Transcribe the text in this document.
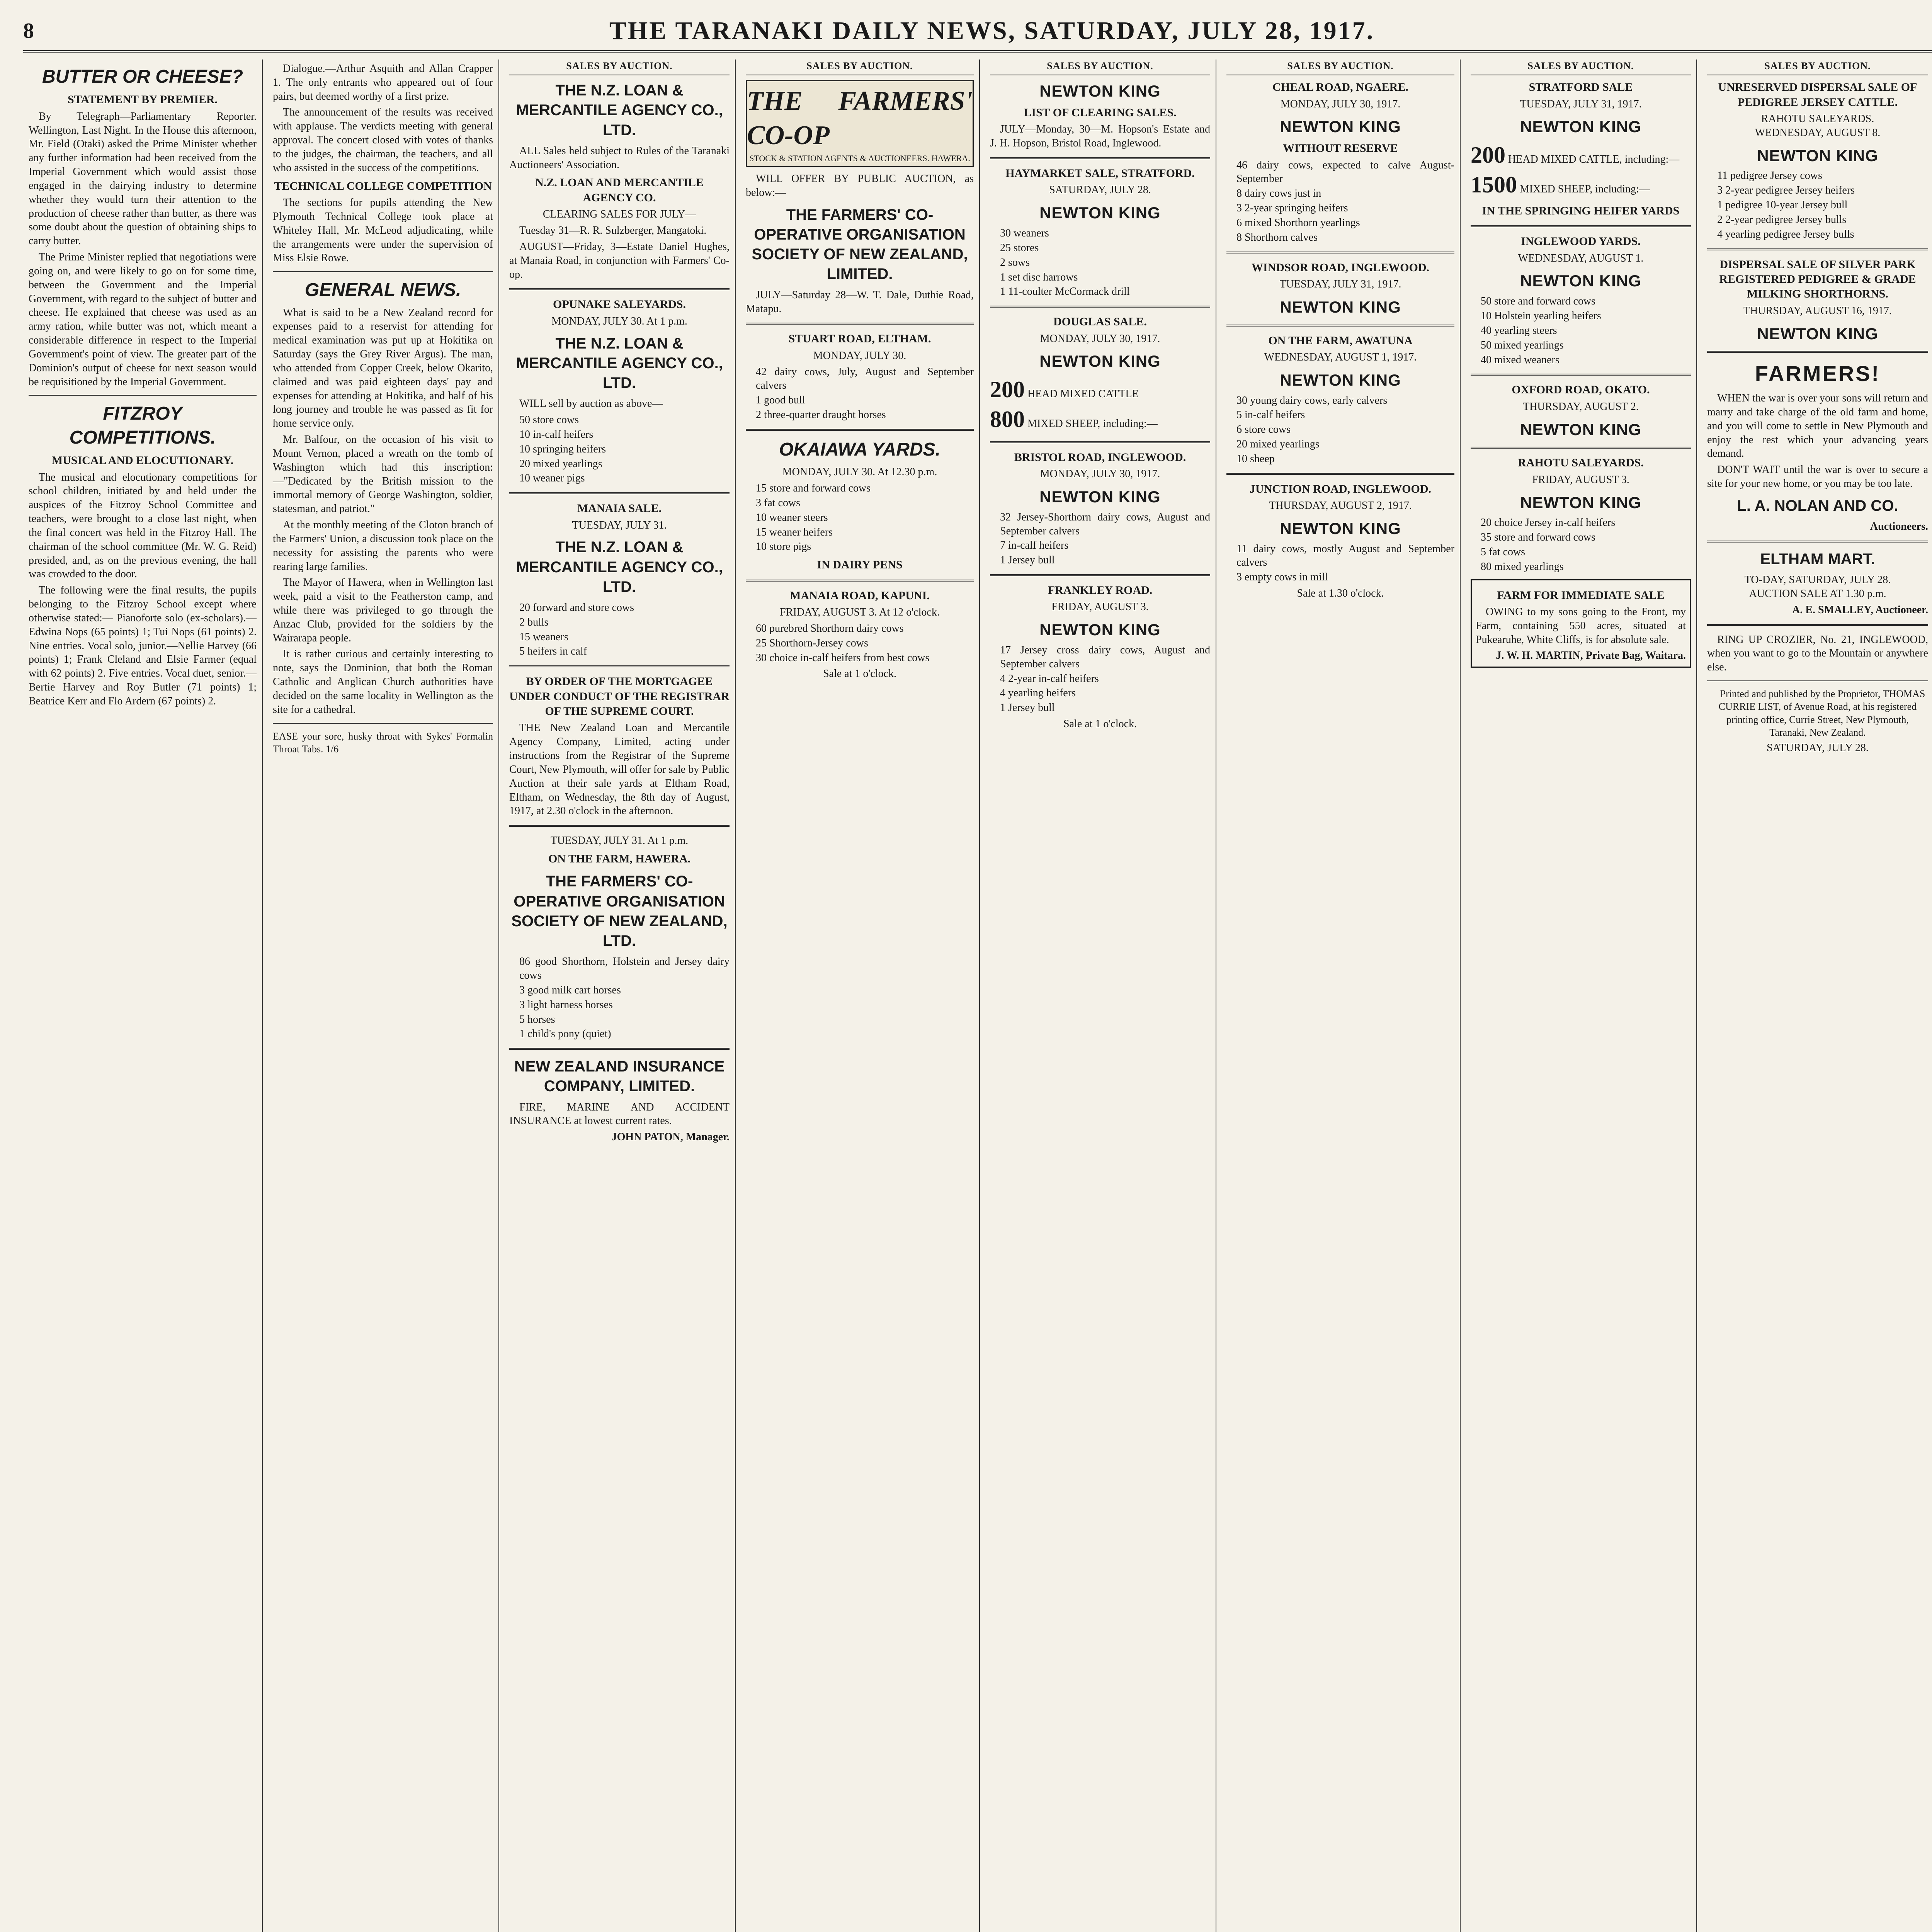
8	THE TARANAKI DAILY NEWS, SATURDAY, JULY 28, 1917.
BUTTER OR CHEESE?
STATEMENT BY PREMIER.

By Telegraph—Parliamentary Reporter. Wellington, Last Night. In the House this afternoon, Mr. Field (Otaki) asked the Prime Minister whether any further information had been received from the Imperial Government which would assist those engaged in the dairying industry to determine whether they would turn their attention to the production of cheese rather than butter, as there was some doubt about the question of obtaining ships to carry butter.

The Prime Minister replied that negotiations were going on, and were likely to go on for some time, between the Government and the Imperial Government, with regard to the subject of butter and cheese. He explained that cheese was used as an army ration, while butter was not, which meant a considerable difference in respect to the Imperial Government's point of view. The greater part of the Dominion's output of cheese for next season would be requisitioned by the Imperial Government.

FITZROY COMPETITIONS.
MUSICAL AND ELOCUTIONARY.

The musical and elocutionary competitions for school children, initiated by and held under the auspices of the Fitzroy School Committee and teachers, were brought to a close last night, when the final concert was held in the Fitzroy Hall. The chairman of the school committee (Mr. W. G. Reid) presided, and, as on the previous evening, the hall was crowded to the door.

The following were the final results, the pupils belonging to the Fitzroy School except where otherwise stated:— Pianoforte solo (ex-scholars).—Edwina Nops (65 points) 1; Tui Nops (61 points) 2. Nine entries. Vocal solo, junior.—Nellie Harvey (66 points) 1; Frank Cleland and Elsie Farmer (equal with 62 points) 2. Five entries. Vocal duet, senior.—Bertie Harvey and Roy Butler (71 points) 1; Beatrice Kerr and Flo Ardern (67 points) 2.

Dialogue.—Arthur Asquith and Allan Crapper 1. The only entrants who appeared out of four pairs, but deemed worthy of a first prize.

The announcement of the results was received with applause. The verdicts meeting with general approval. The concert closed with votes of thanks to the judges, the chairman, the teachers, and all who assisted in the success of the competitions.

TECHNICAL COLLEGE COMPETITION

The sections for pupils attending the New Plymouth Technical College took place at Whiteley Hall, Mr. McLeod adjudicating, while the arrangements were under the supervision of Miss Elsie Rowe.

GENERAL NEWS.

What is said to be a New Zealand record for expenses paid to a reservist for attending for medical examination was put up at Hokitika on Saturday (says the Grey River Argus). The man, who attended from Copper Creek, below Okarito, claimed and was paid eighteen days' pay and expenses for attending at Hokitika, and half of his long journey and trouble he was passed as fit for home service only.

Mr. Balfour, on the occasion of his visit to Mount Vernon, placed a wreath on the tomb of Washington which had this inscription:—"Dedicated by the British mission to the immortal memory of George Washington, soldier, statesman, and patriot."

At the monthly meeting of the Cloton branch of the Farmers' Union, a discussion took place on the necessity for assisting the parents who were rearing large families.

The Mayor of Hawera, when in Wellington last week, paid a visit to the Featherston camp, and while there was privileged to go through the Anzac Club, provided for the soldiers by the Wairarapa people.

It is rather curious and certainly interesting to note, says the Dominion, that both the Roman Catholic and Anglican Church authorities have decided on the same locality in Wellington as the site for a cathedral.

EASE your sore, husky throat with Sykes' Formalin Throat Tabs. 1/6
SALES BY AUCTION.
THE N.Z. LOAN & MERCANTILE AGENCY CO., LTD.

ALL Sales held subject to Rules of the Taranaki Auctioneers' Association.

N.Z. LOAN AND MERCANTILE AGENCY CO.
CLEARING SALES FOR JULY—

Tuesday 31—R. R. Sulzberger, Mangatoki.

AUGUST—Friday, 3—Estate Daniel Hughes, at Manaia Road, in conjunction with Farmers' Co-op.

OPUNAKE SALEYARDS.
MONDAY, JULY 30. At 1 p.m.
THE N.Z. LOAN & MERCANTILE AGENCY CO., LTD.

WILL sell by auction as above—

50 store cows
10 in-calf heifers
10 springing heifers
20 mixed yearlings
10 weaner pigs
MANAIA SALE.
TUESDAY, JULY 31.
THE N.Z. LOAN & MERCANTILE AGENCY CO., LTD.
20 forward and store cows
2 bulls
15 weaners
5 heifers in calf
BY ORDER OF THE MORTGAGEE UNDER CONDUCT OF THE REGISTRAR OF THE SUPREME COURT.

THE New Zealand Loan and Mercantile Agency Company, Limited, acting under instructions from the Registrar of the Supreme Court, New Plymouth, will offer for sale by Public Auction at their sale yards at Eltham Road, Eltham, on Wednesday, the 8th day of August, 1917, at 2.30 o'clock in the afternoon.

TUESDAY, JULY 31. At 1 p.m.
ON THE FARM, HAWERA.
THE FARMERS' CO-OPERATIVE ORGANISATION SOCIETY OF NEW ZEALAND, LTD.
86 good Shorthorn, Holstein and Jersey dairy cows
3 good milk cart horses
3 light harness horses
5 horses
1 child's pony (quiet)
NEW ZEALAND INSURANCE COMPANY, LIMITED.

FIRE, MARINE AND ACCIDENT INSURANCE at lowest current rates.

JOHN PATON, Manager.
SALES BY AUCTION.
THE FARMERS' CO-OP
STOCK & STATION AGENTS & AUCTIONEERS. HAWERA.

WILL OFFER BY PUBLIC AUCTION, as below:—

THE FARMERS' CO-OPERATIVE ORGANISATION SOCIETY OF NEW ZEALAND, LIMITED.

JULY—Saturday 28—W. T. Dale, Duthie Road, Matapu.

STUART ROAD, ELTHAM.
MONDAY, JULY 30.
42 dairy cows, July, August and September calvers
1 good bull
2 three-quarter draught horses
OKAIAWA YARDS.
MONDAY, JULY 30. At 12.30 p.m.
15 store and forward cows
3 fat cows
10 weaner steers
15 weaner heifers
10 store pigs
IN DAIRY PENS
MANAIA ROAD, KAPUNI.
FRIDAY, AUGUST 3. At 12 o'clock.
60 purebred Shorthorn dairy cows
25 Shorthorn-Jersey cows
30 choice in-calf heifers from best cows
Sale at 1 o'clock.
SALES BY AUCTION.
NEWTON KING
LIST OF CLEARING SALES.

JULY—Monday, 30—M. Hopson's Estate and J. H. Hopson, Bristol Road, Inglewood.

HAYMARKET SALE, STRATFORD.
SATURDAY, JULY 28.
NEWTON KING
30 weaners
25 stores
2 sows
1 set disc harrows
1 11-coulter McCormack drill
DOUGLAS SALE.
MONDAY, JULY 30, 1917.
NEWTON KING
200 HEAD MIXED CATTLE
800 MIXED SHEEP, including:—
BRISTOL ROAD, INGLEWOOD.
MONDAY, JULY 30, 1917.
NEWTON KING
32 Jersey-Shorthorn dairy cows, August and September calvers
7 in-calf heifers
1 Jersey bull
FRANKLEY ROAD.
FRIDAY, AUGUST 3.
NEWTON KING
17 Jersey cross dairy cows, August and September calvers
4 2-year in-calf heifers
4 yearling heifers
1 Jersey bull
Sale at 1 o'clock.
SALES BY AUCTION.
CHEAL ROAD, NGAERE.
MONDAY, JULY 30, 1917.
NEWTON KING
WITHOUT RESERVE
46 dairy cows, expected to calve August-September
8 dairy cows just in
3 2-year springing heifers
6 mixed Shorthorn yearlings
8 Shorthorn calves
WINDSOR ROAD, INGLEWOOD.
TUESDAY, JULY 31, 1917.
NEWTON KING
ON THE FARM, AWATUNA
WEDNESDAY, AUGUST 1, 1917.
NEWTON KING
30 young dairy cows, early calvers
5 in-calf heifers
6 store cows
20 mixed yearlings
10 sheep
JUNCTION ROAD, INGLEWOOD.
THURSDAY, AUGUST 2, 1917.
NEWTON KING
11 dairy cows, mostly August and September calvers
3 empty cows in mill
Sale at 1.30 o'clock.
SALES BY AUCTION.
STRATFORD SALE
TUESDAY, JULY 31, 1917.
NEWTON KING
200 HEAD MIXED CATTLE, including:—
1500 MIXED SHEEP, including:—
IN THE SPRINGING HEIFER YARDS
INGLEWOOD YARDS.
WEDNESDAY, AUGUST 1.
NEWTON KING
50 store and forward cows
10 Holstein yearling heifers
40 yearling steers
50 mixed yearlings
40 mixed weaners
OXFORD ROAD, OKATO.
THURSDAY, AUGUST 2.
NEWTON KING
RAHOTU SALEYARDS.
FRIDAY, AUGUST 3.
NEWTON KING
20 choice Jersey in-calf heifers
35 store and forward cows
5 fat cows
80 mixed yearlings
FARM FOR IMMEDIATE SALE

OWING to my sons going to the Front, my Farm, containing 550 acres, situated at Pukearuhe, White Cliffs, is for absolute sale.

J. W. H. MARTIN, Private Bag, Waitara.
SALES BY AUCTION.
UNRESERVED DISPERSAL SALE OF PEDIGREE JERSEY CATTLE.
RAHOTU SALEYARDS.
WEDNESDAY, AUGUST 8.
NEWTON KING
11 pedigree Jersey cows
3 2-year pedigree Jersey heifers
1 pedigree 10-year Jersey bull
2 2-year pedigree Jersey bulls
4 yearling pedigree Jersey bulls
DISPERSAL SALE OF SILVER PARK REGISTERED PEDIGREE & GRADE MILKING SHORTHORNS.
THURSDAY, AUGUST 16, 1917.
NEWTON KING
FARMERS!

WHEN the war is over your sons will return and marry and take charge of the old farm and home, and you will come to settle in New Plymouth and enjoy the rest which your advancing years demand.

DON'T WAIT until the war is over to secure a site for your new home, or you may be too late.

L. A. NOLAN AND CO.
Auctioneers.
ELTHAM MART.
TO-DAY, SATURDAY, JULY 28.
AUCTION SALE AT 1.30 p.m.
A. E. SMALLEY, Auctioneer.

RING UP CROZIER, No. 21, INGLEWOOD, when you want to go to the Mountain or anywhere else.

Printed and published by the Proprietor, THOMAS CURRIE LIST, of Avenue Road, at his registered printing office, Currie Street, New Plymouth, Taranaki, New Zealand.

SATURDAY, JULY 28.
